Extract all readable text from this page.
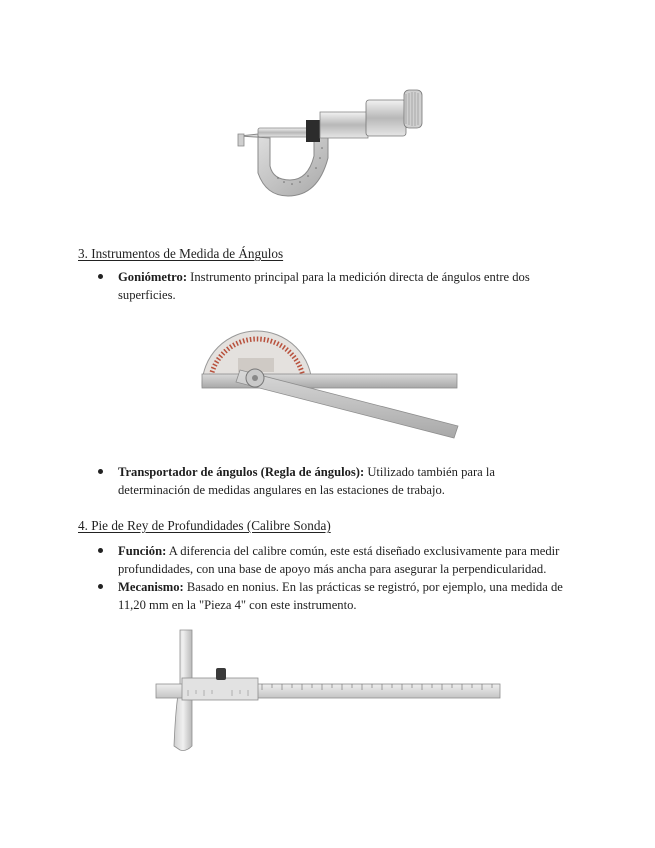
3. Instrumentos de Medida de Ángulos
Goniómetro: Instrumento principal para la medición directa de ángulos entre dos superficies.
Transportador de ángulos (Regla de ángulos): Utilizado también para la determinación de medidas angulares en las estaciones de trabajo.
4. Pie de Rey de Profundidades (Calibre Sonda)
Función: A diferencia del calibre común, este está diseñado exclusivamente para medir profundidades, con una base de apoyo más ancha para asegurar la perpendicularidad.
Mecanismo: Basado en nonius. En las prácticas se registró, por ejemplo, una medida de 11,20 mm en la "Pieza 4" con este instrumento.
